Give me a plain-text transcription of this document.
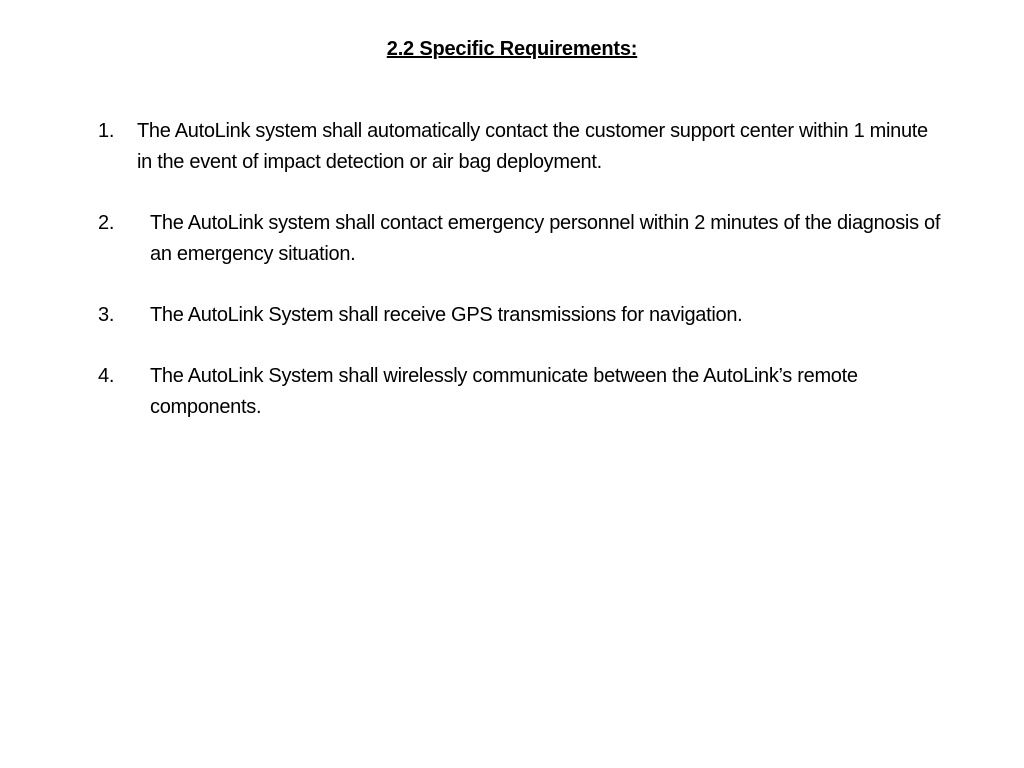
2.2 Specific Requirements:
1. The AutoLink system shall automatically contact the customer support center within 1 minute in the event of impact detection or air bag deployment.
2. The AutoLink system shall contact emergency personnel within 2 minutes of the diagnosis of an emergency situation.
3. The AutoLink System shall receive GPS transmissions for navigation.
4. The AutoLink System shall wirelessly communicate between the AutoLink’s remote components.
